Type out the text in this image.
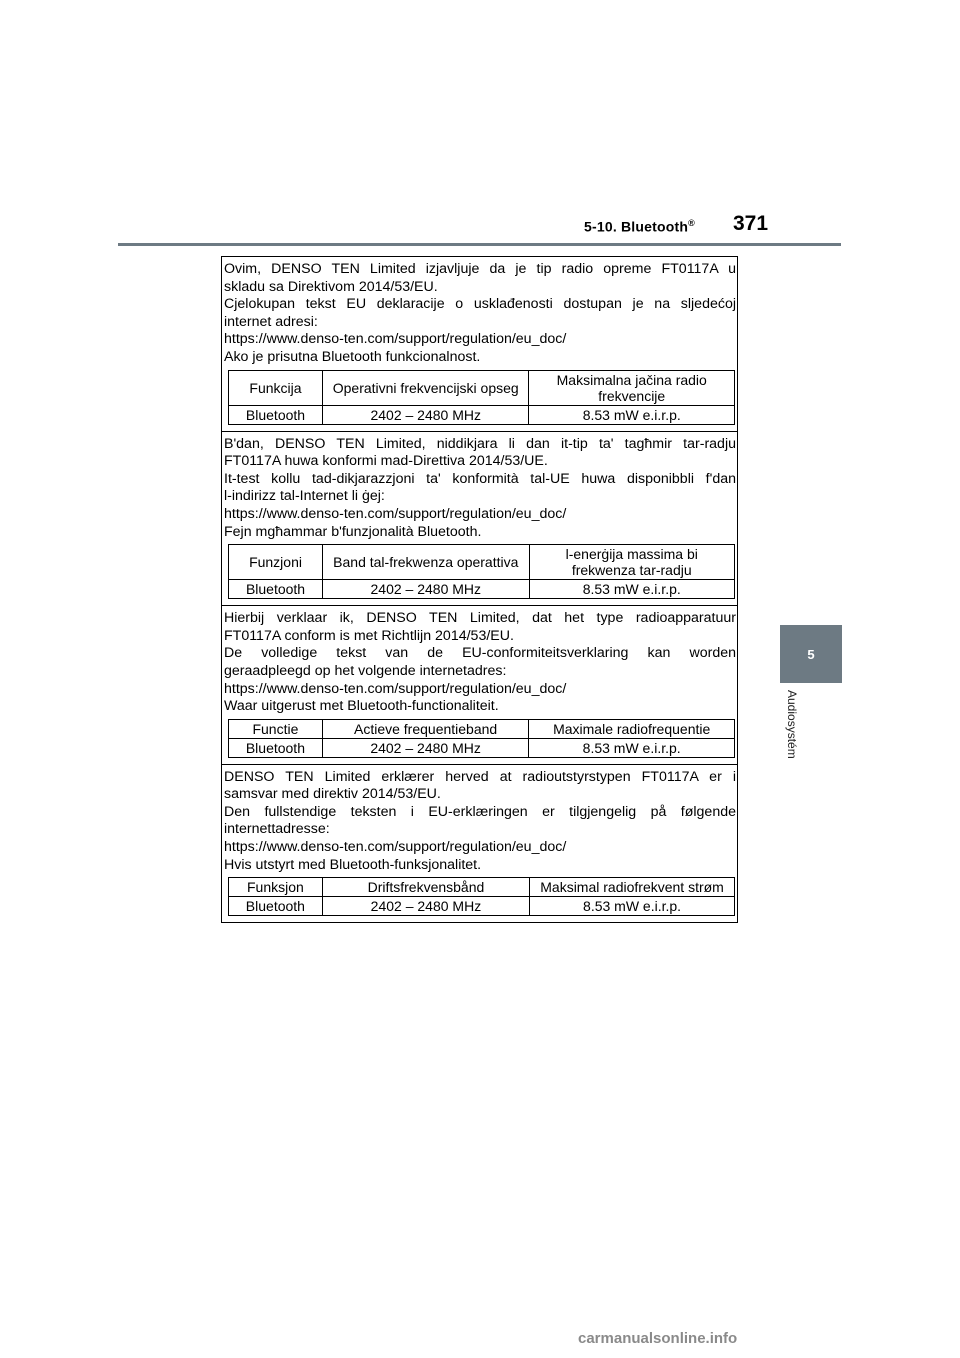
5-10. Bluetooth® 371
5
Audiosystém

Ovim, DENSO TEN Limited izjavljuje da je tip radio opreme FT0117A u

skladu sa Direktivom 2014/53/EU.

Cjelokupan tekst EU deklaracije o usklađenosti dostupan je na sljedećoj

internet adresi:

https://www.denso-ten.com/support/regulation/eu_doc/

Ako je prisutna Bluetooth funkcionalnost.

Funkcija	Operativni frekvencijski opseg	Maksimalna jačina radio frekvencije
Bluetooth	2402 – 2480 MHz	8.53 mW e.i.r.p.

B'dan, DENSO TEN Limited, niddikjara li dan it-tip ta' tagħmir tar-radju

FT0117A huwa konformi mad-Direttiva 2014/53/UE.

It-test kollu tad-dikjarazzjoni ta' konformità tal-UE huwa disponibbli f'dan

l-indirizz tal-Internet li ġej:

https://www.denso-ten.com/support/regulation/eu_doc/

Fejn mgħammar b'funzjonalità Bluetooth.

Funzjoni	Band tal-frekwenza operattiva	l-enerġija massima bi frekwenza tar-radju
Bluetooth	2402 – 2480 MHz	8.53 mW e.i.r.p.

Hierbij verklaar ik, DENSO TEN Limited, dat het type radioapparatuur

FT0117A conform is met Richtlijn 2014/53/EU.

De volledige tekst van de EU-conformiteitsverklaring kan worden

geraadpleegd op het volgende internetadres:

https://www.denso-ten.com/support/regulation/eu_doc/

Waar uitgerust met Bluetooth-functionaliteit.

Functie	Actieve frequentieband	Maximale radiofrequentie
Bluetooth	2402 – 2480 MHz	8.53 mW e.i.r.p.

DENSO TEN Limited erklærer herved at radioutstyrstypen FT0117A er i

samsvar med direktiv 2014/53/EU.

Den fullstendige teksten i EU-erklæringen er tilgjengelig på følgende

internettadresse:

https://www.denso-ten.com/support/regulation/eu_doc/

Hvis utstyrt med Bluetooth-funksjonalitet.

Funksjon	Driftsfrekvensbånd	Maksimal radiofrekvent strøm
Bluetooth	2402 – 2480 MHz	8.53 mW e.i.r.p.
carmanualsonline.info
